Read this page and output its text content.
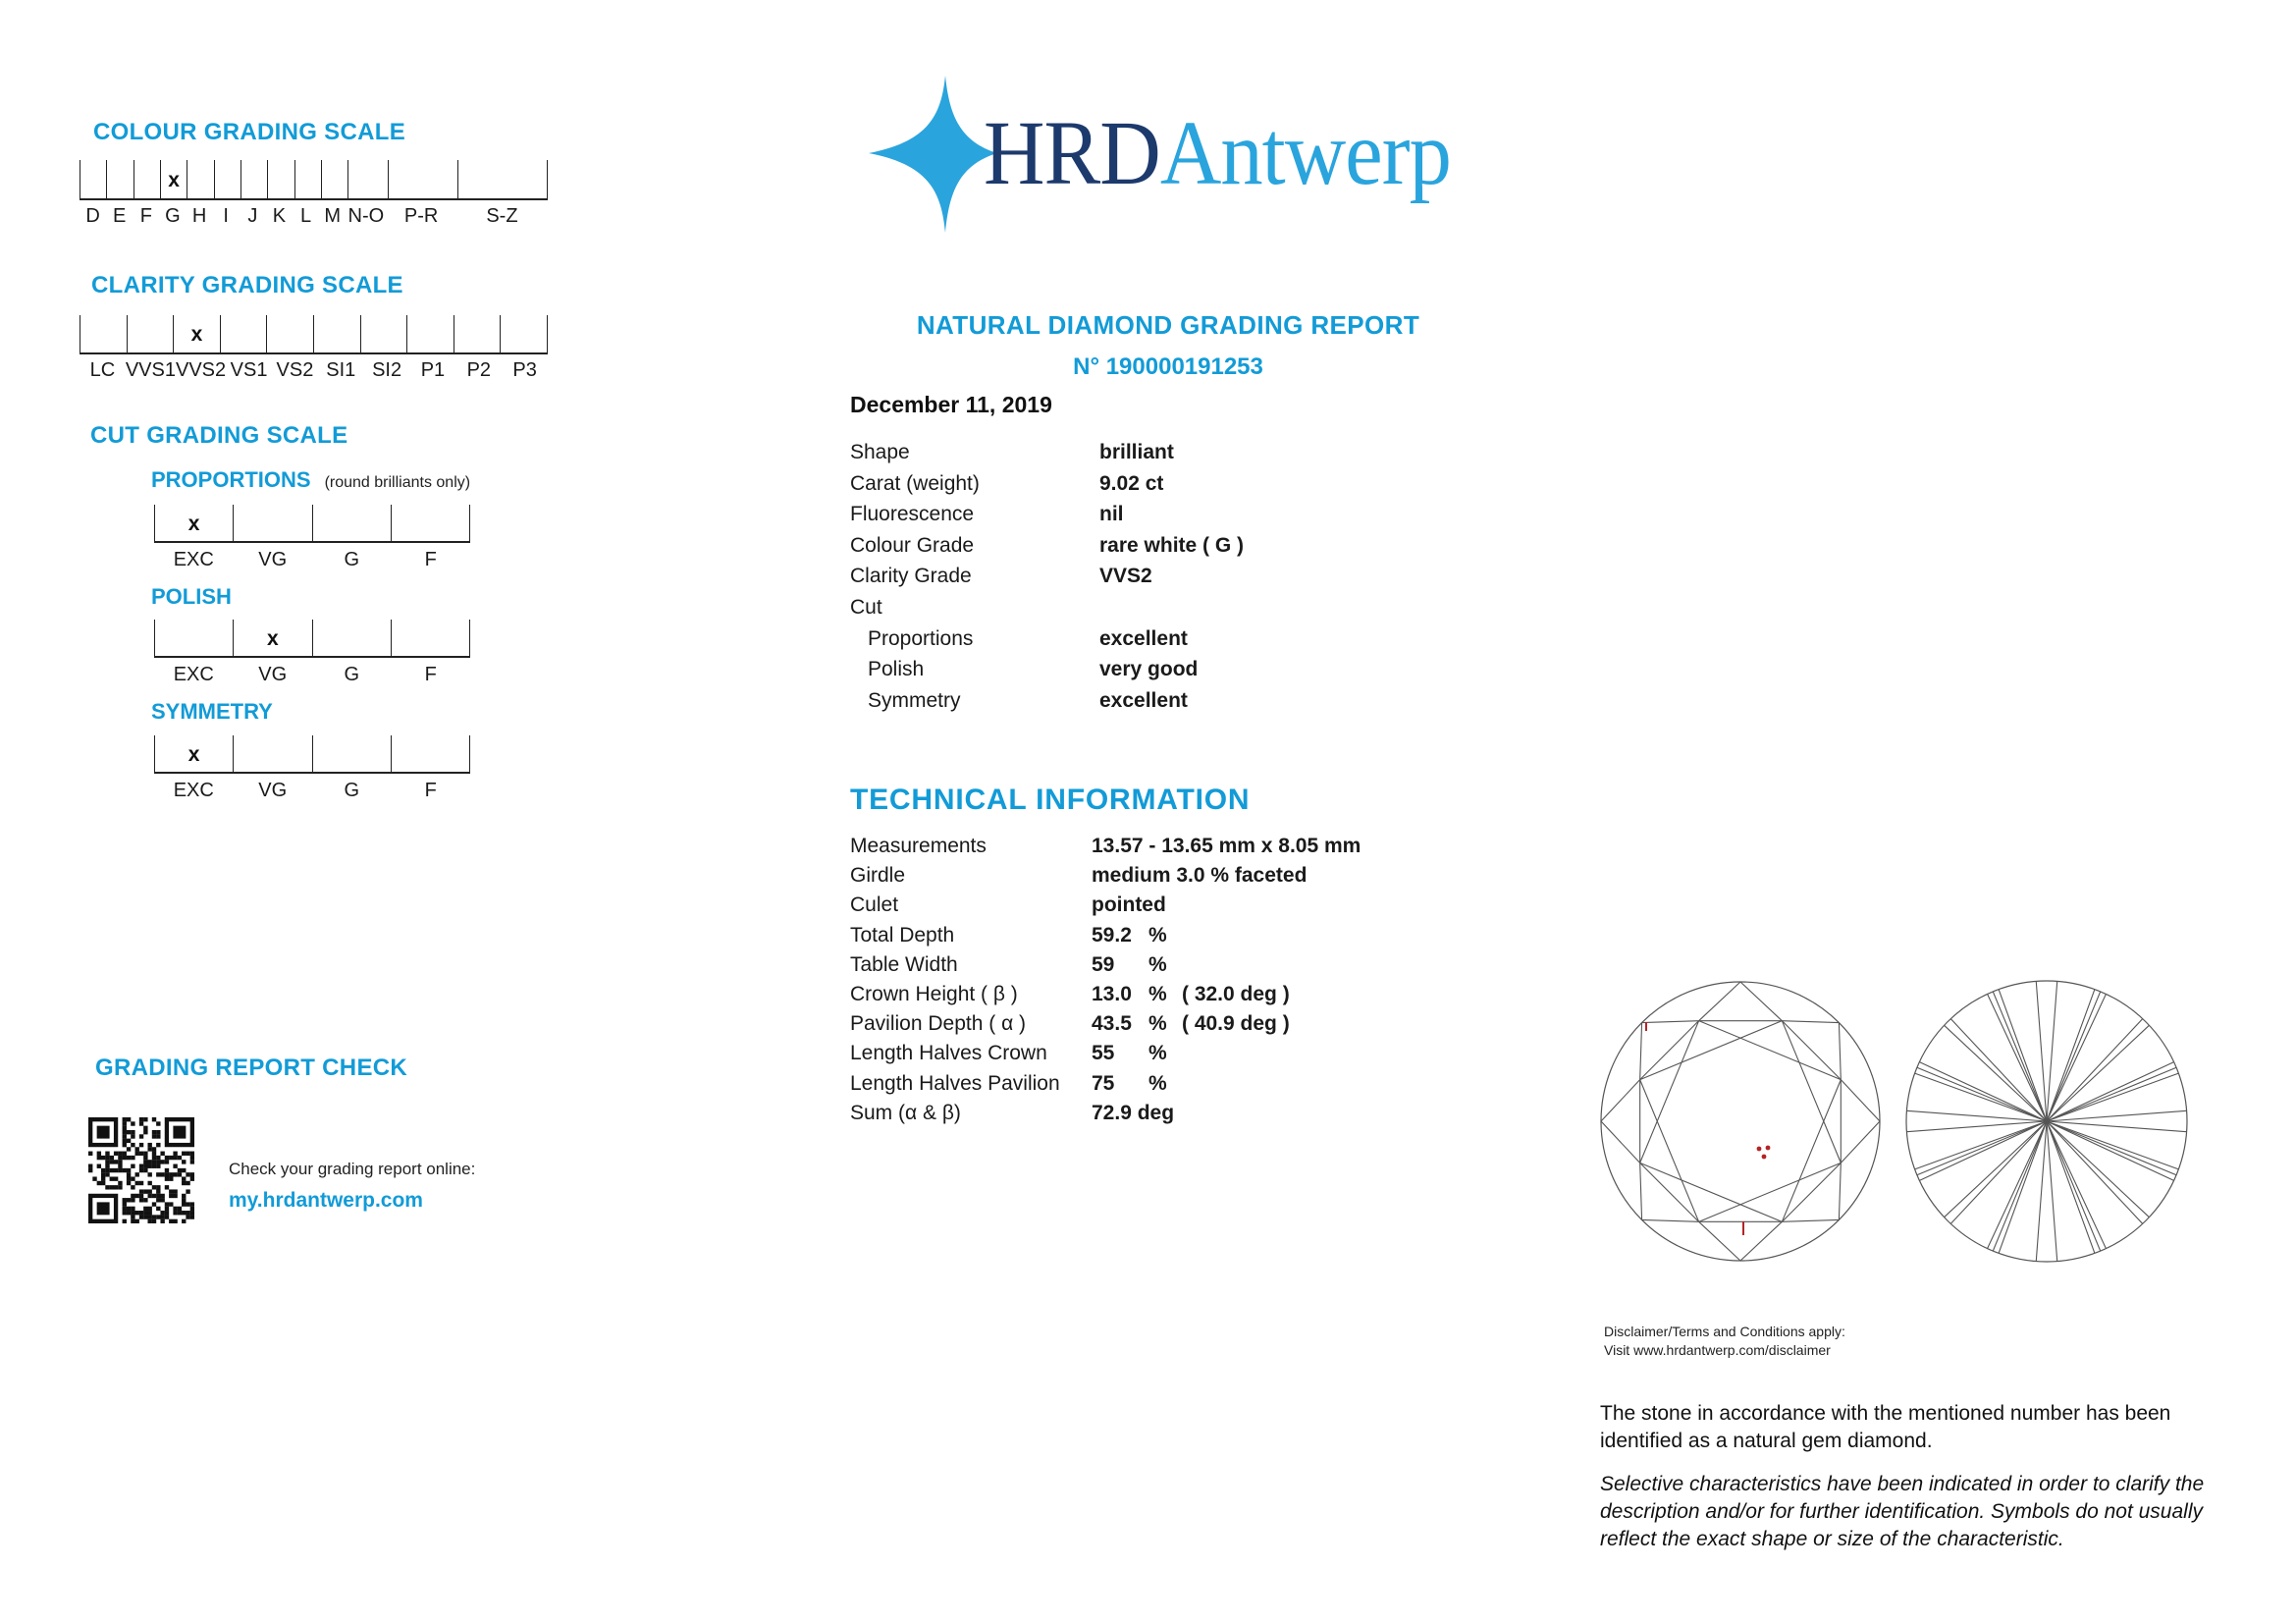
COLOUR GRADING SCALE
x
D E F G H I J K L M N-O	P-R	S-Z
CLARITY GRADING SCALE
x
LC VVS1 VVS2 VS1 VS2 SI1 SI2 P1	P2	P3
CUT GRADING SCALE
PROPORTIONS (round brilliants only)
x
EXC	VG	G	F
POLISH
x
EXC	VG	G	F
SYMMETRY
x
EXC	VG	G	F
GRADING REPORT CHECK
Check your grading report online:
my.hrdantwerp.com
HRDAntwerp
NATURAL DIAMOND GRADING REPORT
N° 190000191253
December 11, 2019
Shape	brilliant
Carat (weight)	9.02 ct
Fluorescence	nil
Colour Grade	rare white ( G )
Clarity Grade	VVS2
Cut
Proportions	excellent
Polish	very good
Symmetry	excellent
TECHNICAL INFORMATION
Measurements	13.57 - 13.65 mm x 8.05 mm
Girdle	medium 3.0 % faceted
Culet	pointed
Total Depth	59.2 %
Table Width	59	%
Crown Height ( β )	13.0 % ( 32.0 deg )
Pavilion Depth ( α )	43.5 % ( 40.9 deg )
Length Halves Crown	55	%
Length Halves Pavilion	75	%
Sum (α & β)	72.9 deg
Disclaimer/Terms and Conditions apply:
Visit www.hrdantwerp.com/disclaimer
The stone in accordance with the mentioned number has been identified as a natural gem diamond.
Selective characteristics have been indicated in order to clarify the description and/or for further identification. Symbols do not usually reflect the exact shape or size of the characteristic.
